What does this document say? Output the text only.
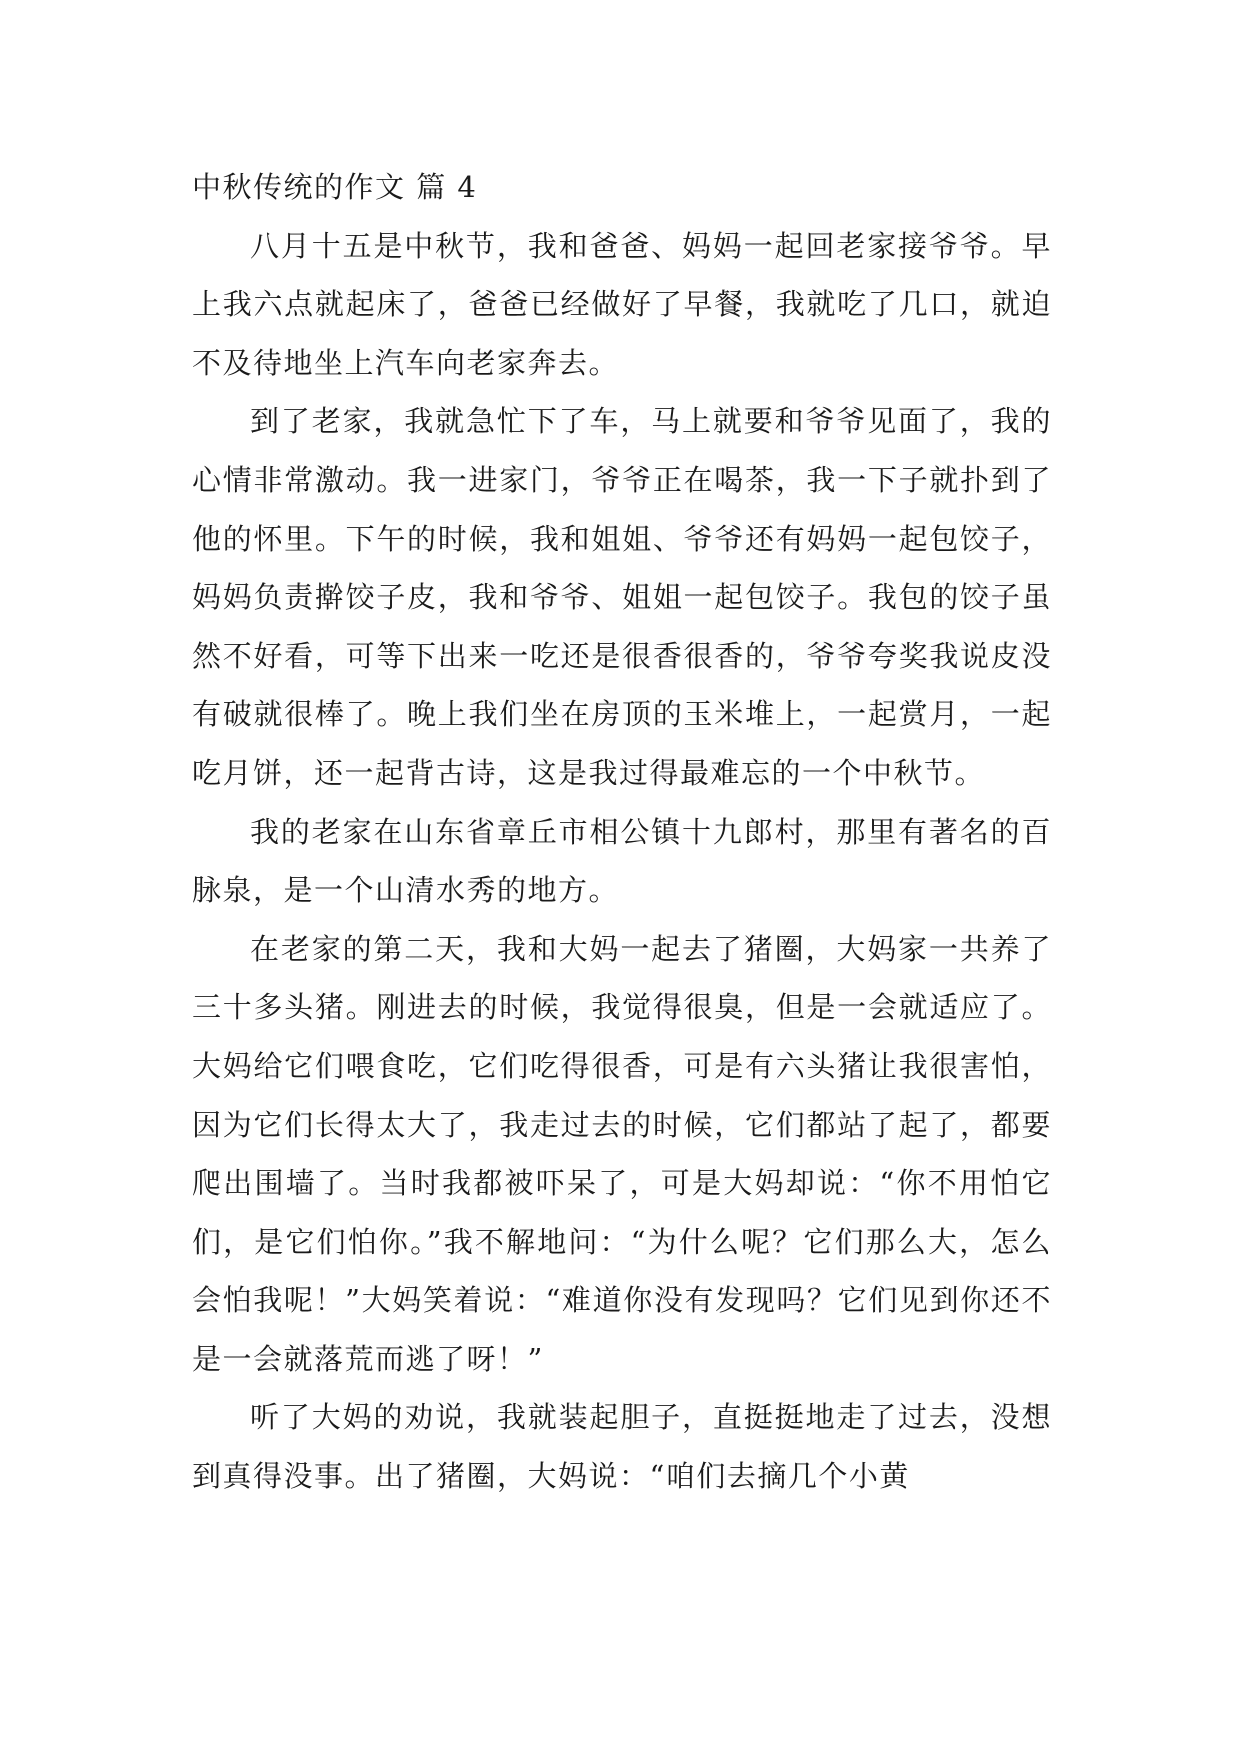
中秋传统的作文 篇 4

八月十五是中秋节，我和爸爸、妈妈一起回老家接爷爷。早上我六点就起床了，爸爸已经做好了早餐，我就吃了几口，就迫不及待地坐上汽车向老家奔去。

到了老家，我就急忙下了车，马上就要和爷爷见面了，我的心情非常激动。我一进家门，爷爷正在喝茶，我一下子就扑到了他的怀里。下午的时候，我和姐姐、爷爷还有妈妈一起包饺子，妈妈负责擀饺子皮，我和爷爷、姐姐一起包饺子。我包的饺子虽然不好看，可等下出来一吃还是很香很香的，爷爷夸奖我说皮没有破就很棒了。晚上我们坐在房顶的玉米堆上，一起赏月，一起吃月饼，还一起背古诗，这是我过得最难忘的一个中秋节。

我的老家在山东省章丘市相公镇十九郎村，那里有著名的百脉泉，是一个山清水秀的地方。

在老家的第二天，我和大妈一起去了猪圈，大妈家一共养了三十多头猪。刚进去的时候，我觉得很臭，但是一会就适应了。大妈给它们喂食吃，它们吃得很香，可是有六头猪让我很害怕，因为它们长得太大了，我走过去的时候，它们都站了起了，都要爬出围墙了。当时我都被吓呆了，可是大妈却说：“你不用怕它们，是它们怕你。”我不解地问：“为什么呢？它们那么大，怎么会怕我呢！”大妈笑着说：“难道你没有发现吗？它们见到你还不是一会就落荒而逃了呀！”

听了大妈的劝说，我就装起胆子，直挺挺地走了过去，没想到真得没事。出了猪圈，大妈说：“咱们去摘几个小黄
